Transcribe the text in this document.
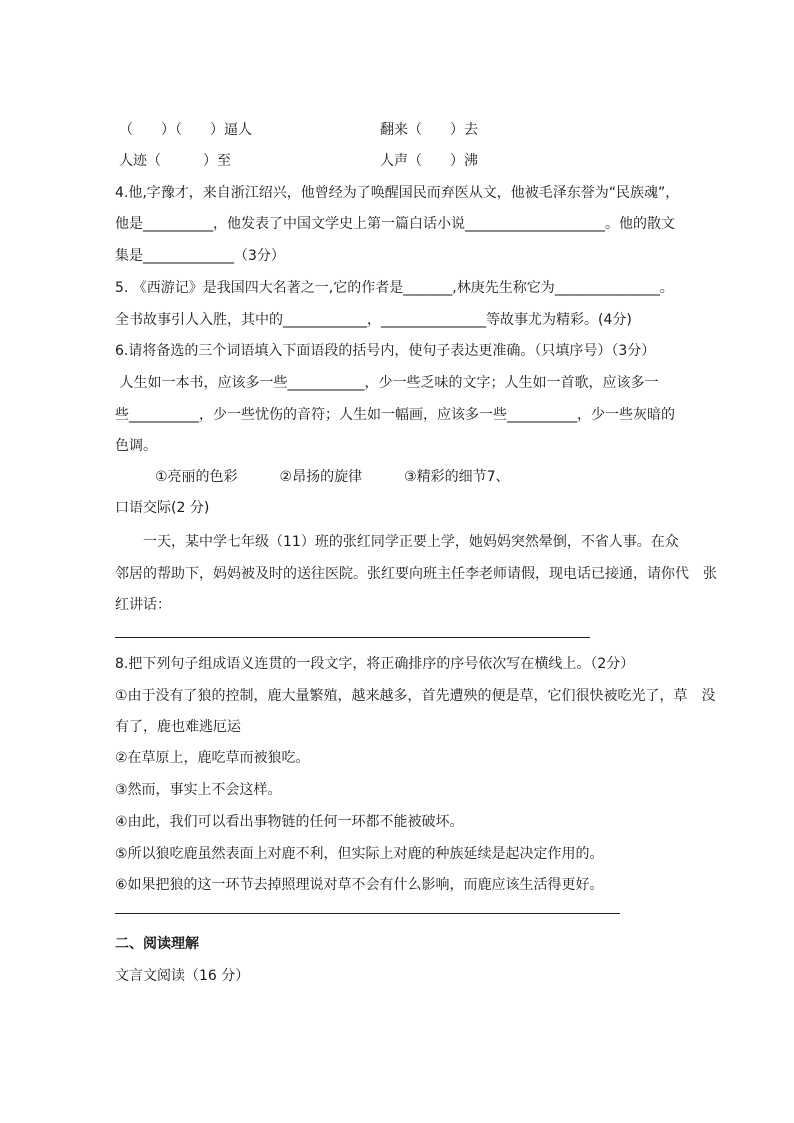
（　　）（　　）逼人	翻来（　　）去
人迹（　　　）至	人声（　　）沸
4.他,字豫才，来自浙江绍兴，他曾经为了唤醒国民而弃医从文，他被毛泽东誉为“民族魂”，
他是__________，他发表了中国文学史上第一篇白话小说____________________。他的散文
集是_____________（3分）
5. 《西游记》是我国四大名著之一,它的作者是_______,林庚先生称它为_______________。
全书故事引人入胜，其中的____________，_______________等故事尤为精彩。(4分)
6.请将备选的三个词语填入下面语段的括号内，使句子表达更准确。（只填序号）（3分）
人生如一本书，应该多一些___________，少一些乏味的文字；人生如一首歌，应该多一
些__________，少一些忧伤的音符；人生如一幅画，应该多一些__________，少一些灰暗的
色调。
①亮丽的色彩　　　②昂扬的旋律　　　③精彩的细节7、
口语交际(2 分)
　　一天，某中学七年级（11）班的张红同学正要上学，她妈妈突然晕倒，不省人事。在众
邻居的帮助下，妈妈被及时的送往医院。张红要向班主任李老师请假，现电话已接通，请你代　张
红讲话：
8.把下列句子组成语义连贯的一段文字，将正确排序的序号依次写在横线上。（2分）
①由于没有了狼的控制，鹿大量繁殖，越来越多，首先遭殃的便是草，它们很快被吃光了，草　没
有了，鹿也难逃厄运
②在草原上，鹿吃草而被狼吃。
③然而，事实上不会这样。
④由此，我们可以看出事物链的任何一环都不能被破坏。
⑤所以狼吃鹿虽然表面上对鹿不利，但实际上对鹿的种族延续是起决定作用的。
⑥如果把狼的这一环节去掉照理说对草不会有什么影响，而鹿应该生活得更好。
二、阅读理解
文言文阅读（16 分）
